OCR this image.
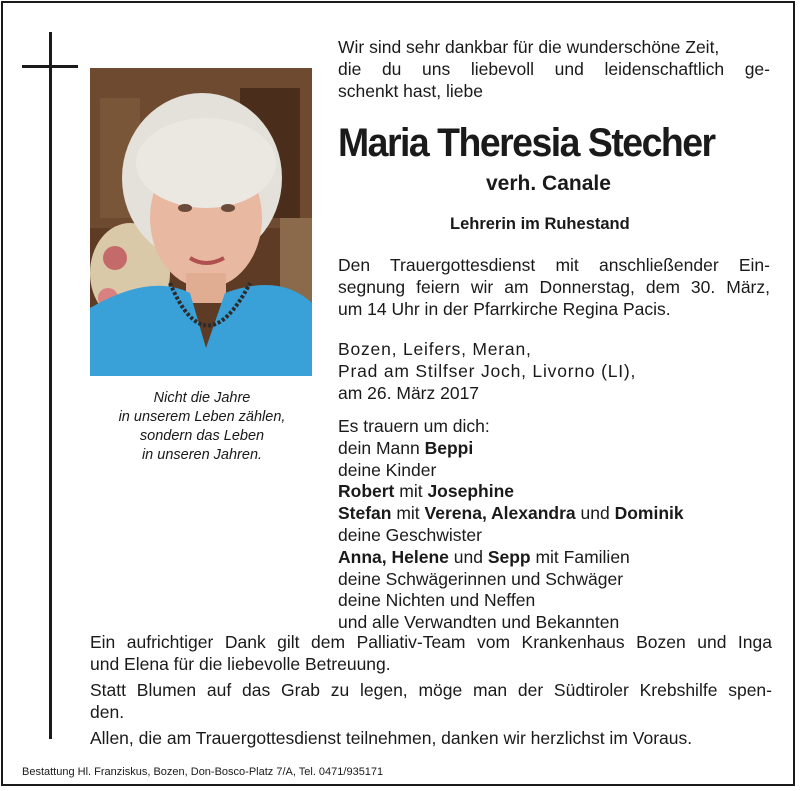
Nicht die Jahre
in unserem Leben zählen,
sondern das Leben
in unseren Jahren.
Wir sind sehr dankbar für die wunderschöne Zeit,
die du uns liebevoll und leidenschaftlich ge-
schenkt hast, liebe
Maria Theresia Stecher
verh. Canale
Lehrerin im Ruhestand
Den Trauergottesdienst mit anschließender Ein-
segnung feiern wir am Donnerstag, dem 30. März,
um 14 Uhr in der Pfarrkirche Regina Pacis.
Bozen, Leifers, Meran,
Prad am Stilfser Joch, Livorno (LI),
am 26. März 2017
Es trauern um dich:
dein Mann Beppi
deine Kinder
Robert mit Josephine
Stefan mit Verena, Alexandra und Dominik
deine Geschwister
Anna, Helene und Sepp mit Familien
deine Schwägerinnen und Schwäger
deine Nichten und Neffen
und alle Verwandten und Bekannten

Ein aufrichtiger Dank gilt dem Palliativ-Team vom Krankenhaus Bozen und Inga
und Elena für die liebevolle Betreuung.

Statt Blumen auf das Grab zu legen, möge man der Südtiroler Krebshilfe spen-
den.

Allen, die am Trauergottesdienst teilnehmen, danken wir herzlichst im Voraus.

Bestattung Hl. Franziskus, Bozen, Don-Bosco-Platz 7/A, Tel. 0471/935171
